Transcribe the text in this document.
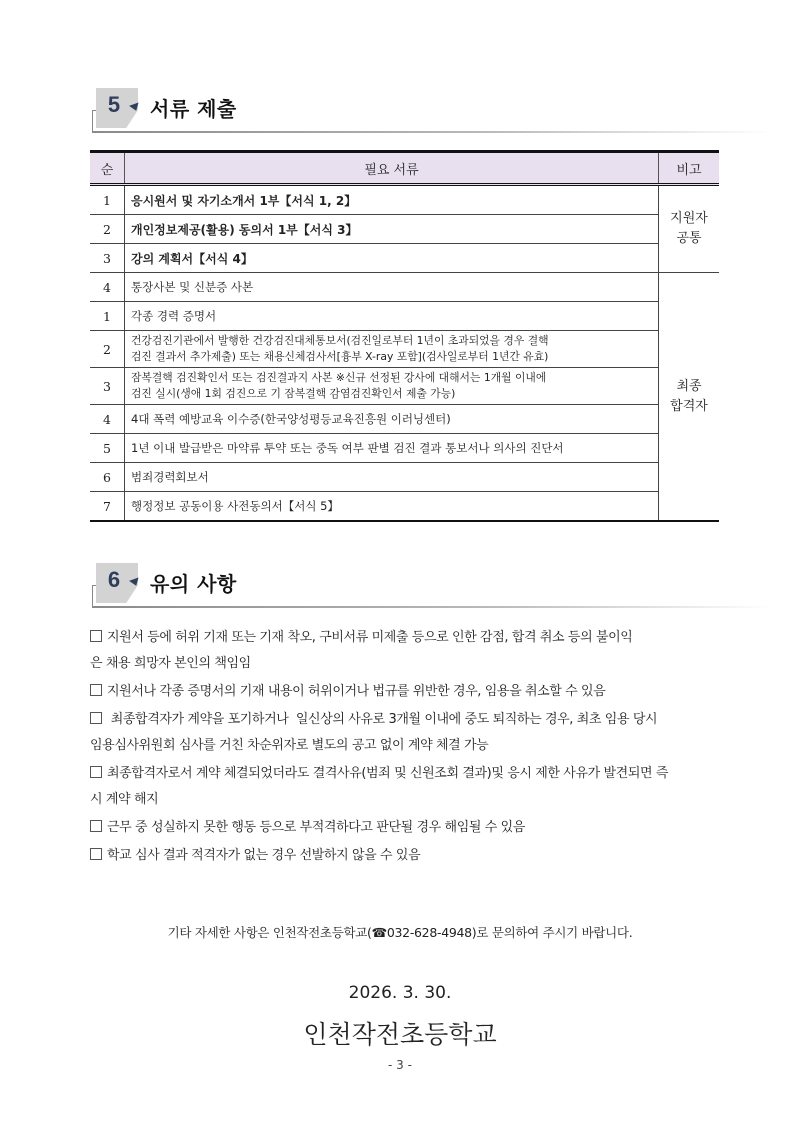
5	서류 제출
순	필요 서류	비고
1	응시원서 및 자기소개서 1부【서식 1, 2】	지원자
공통

2	개인정보제공(활용) 동의서 1부【서식 3】	
3	강의 계획서【서식 4】	
4	통장사본 및 신분증 사본	최종
합격자

1	각종 경력 증명서	
2	건강검진기관에서 발행한 건강검진대체통보서(검진일로부터 1년이 초과되었을 경우 결핵
검진 결과서 추가제출) 또는 채용신체검사서[흉부 X-ray 포함](검사일로부터 1년간 유효)	

3	잠복결핵 검진확인서 또는 검진결과지 사본 ※신규 선정된 강사에 대해서는 1개월 이내에
검진 실시(생애 1회 검진으로 기 잠복결핵 감염검진확인서 제출 가능)	

4	4대 폭력 예방교육 이수증(한국양성평등교육진흥원 이러닝센터)	
5	1년 이내 발급받은 마약류 투약 또는 중독 여부 판별 검진 결과 통보서나 의사의 진단서	
6	범죄경력회보서	
7	행정정보 공동이용 사전동의서【서식 5】	
6	유의 사항
지원서 등에 허위 기재 또는 기재 착오, 구비서류 미제출 등으로 인한 감점, 합격 취소 등의 불이익
은 채용 희망자 본인의 책임임
지원서나 각종 증명서의 기재 내용이 허위이거나 법규를 위반한 경우, 임용을 취소할 수 있음
최종합격자가 계약을 포기하거나  일신상의 사유로 3개월 이내에 중도 퇴직하는 경우, 최초 임용 당시
임용심사위원회 심사를 거친 차순위자로 별도의 공고 없이 계약 체결 가능
최종합격자로서 계약 체결되었더라도 결격사유(범죄 및 신원조회 결과)및 응시 제한 사유가 발견되면 즉
시 계약 해지
근무 중 성실하지 못한 행동 등으로 부적격하다고 판단될 경우 해임될 수 있음
학교 심사 결과 적격자가 없는 경우 선발하지 않을 수 있음
기타 자세한 사항은 인천작전초등학교(☎032-628-4948)로 문의하여 주시기 바랍니다.
2026. 3. 30.
인천작전초등학교
- 3 -
